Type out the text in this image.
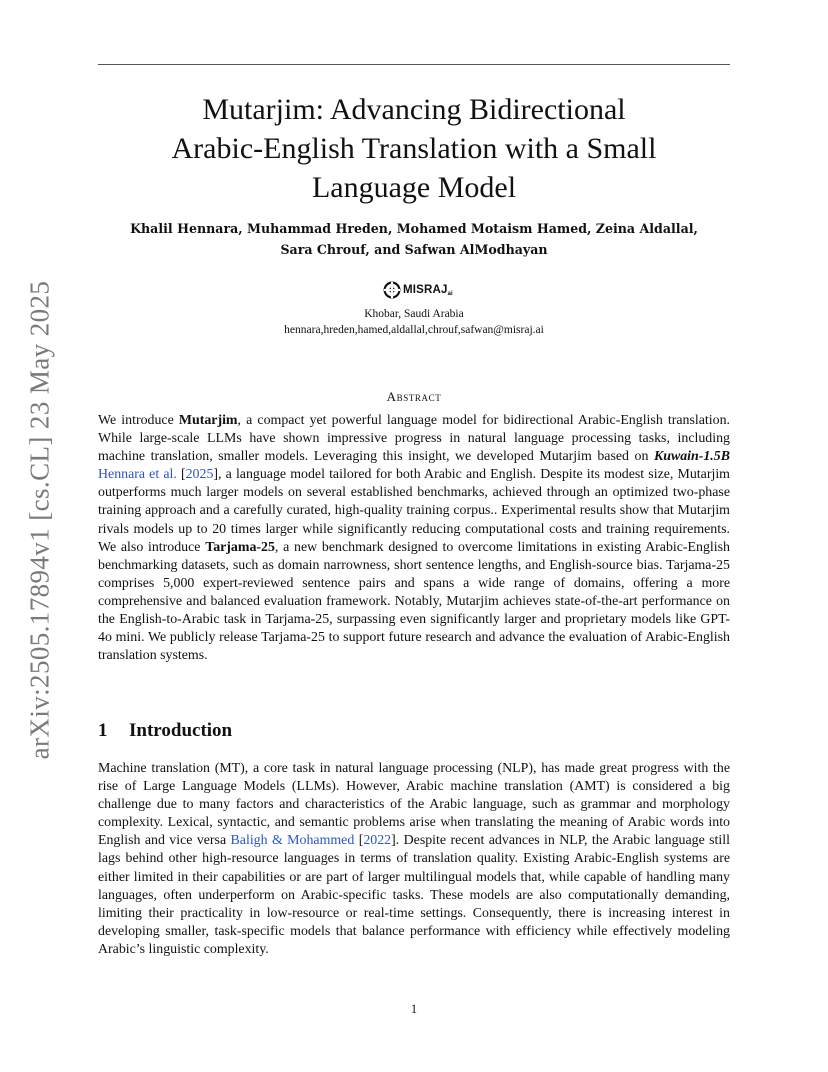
arXiv:2505.17894v1 [cs.CL] 23 May 2025
Mutarjim: Advancing Bidirectional
Arabic-English Translation with a Small
Language Model
Khalil Hennara, Muhammad Hreden, Mohamed Motaism Hamed, Zeina Aldallal,
Sara Chrouf, and Safwan AlModhayan
MISRAJ ai
Khobar, Saudi Arabia
hennara,hreden,hamed,aldallal,chrouf,safwan@misraj.ai
Abstract

We introduce Mutarjim, a compact yet powerful language model for bidirectional Arabic-English translation. While large-scale LLMs have shown impressive progress in natural language processing tasks, including machine translation, smaller models. Leveraging this insight, we developed Mutarjim based on Kuwain-1.5B Hennara et al. [2025], a language model tailored for both Arabic and English. Despite its modest size, Mutarjim outperforms much larger models on several established benchmarks, achieved through an optimized two-phase training approach and a carefully curated, high-quality training corpus.. Experimental results show that Mutarjim rivals models up to 20 times larger while significantly reducing computational costs and training requirements. We also introduce Tarjama-25, a new benchmark designed to overcome limitations in existing Arabic-English benchmarking datasets, such as domain narrowness, short sentence lengths, and English-source bias. Tarjama-25 comprises 5,000 expert-reviewed sentence pairs and spans a wide range of domains, offering a more comprehensive and balanced evaluation framework. Notably, Mutarjim achieves state-of-the-art performance on the English-to-Arabic task in Tarjama-25, surpassing even significantly larger and proprietary models like GPT-4o mini. We publicly release Tarjama-25 to support future research and advance the evaluation of Arabic-English translation systems.

1 Introduction

Machine translation (MT), a core task in natural language processing (NLP), has made great progress with the rise of Large Language Models (LLMs). However, Arabic machine translation (AMT) is considered a big challenge due to many factors and characteristics of the Arabic language, such as grammar and morphology complexity. Lexical, syntactic, and semantic problems arise when translating the meaning of Arabic words into English and vice versa Baligh & Mohammed [2022]. Despite recent advances in NLP, the Arabic language still lags behind other high-resource languages in terms of translation quality. Existing Arabic-English systems are either limited in their capabilities or are part of larger multilingual models that, while capable of handling many languages, often underperform on Arabic-specific tasks. These models are also computationally demanding, limiting their practicality in low-resource or real-time settings. Consequently, there is increasing interest in developing smaller, task-specific models that balance performance with efficiency while effectively modeling Arabic’s linguistic complexity.

1
